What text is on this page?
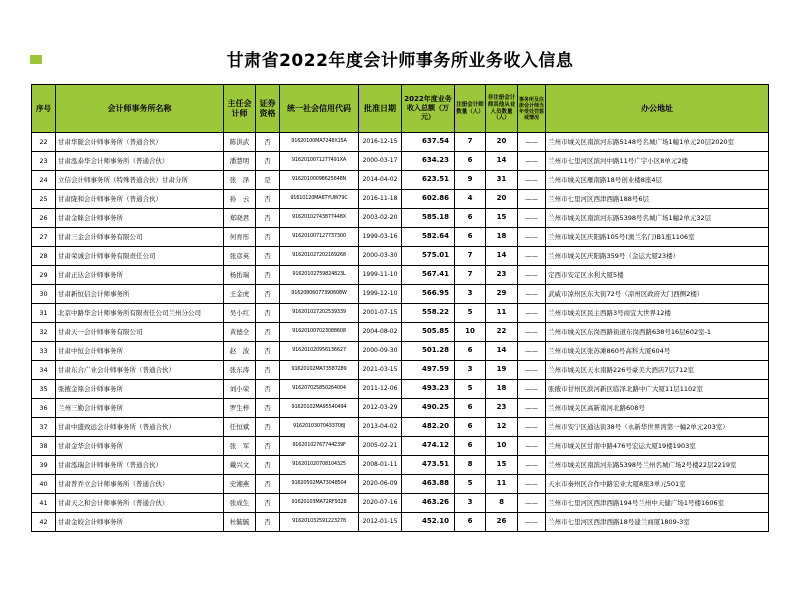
甘肃省2022年度会计师事务所业务收入信息
序号	会计师事务所名称	主任会计师	证券资格	统一社会信用代码	批准日期	2022年度业务收入总额（万元）	注册会计师数量（人）	非注册会计师其他从业人员数量（人）	事务所及注册会计师当年受处罚惩戒情况	办公地址
22	甘肃华陇会计师事务所（普通合伙）	陈洪武	否	91620100MA7248X15A	2016-12-15	637.54	7	20	——	兰州市城关区南滨河东路5148号名城广场1幢1单元20层2020室
23	甘肃泓泰华会计师事务所（普通合伙）	潘慧明	否	9162010071277491XA	2000-03-17	634.23	6	14	——	兰州市七里河区滨河中路11号广宇小区8单元2楼
24	立信会计师事务所（特殊普通合伙）甘肃分所	张　泽	是	91620100098625648N	2014-04-02	623.51	9	31	——	兰州市城关区雁南路18号创业楼8座4层
25	甘肃陇和会计师事务所（普通合伙）	孙　云	否	91610120MA6TYUW79C	2016-11-18	602.86	4	20	——	兰州市七里河区西津西路188号6层
26	甘肃金睐会计师事务所	郑晓君	否	91620102743877448X	2003-02-20	585.18	6	15	——	兰州市城关区南滨河东路5398号名城广场1幢2单元32层
27	甘肃三金会计师事务有限公司	何育彤	否	916201007127737300	1999-03-16	582.64	6	18	——	兰州市城关区庆阳路105号(澳兰名门)B1座1106室
28	甘肃荣诚会计师事务有限责任公司	张彦英	否	916201027202169268	2000-03-30	575.01	7	14	——	兰州市城关区庆阳路359号（金运大厦23楼）
29	甘肃正达会计师事务所	杨佑瑞	否	91620102759824823L	1999-11-10	567.41	7	23	——	定西市安定区水利大厦5楼
30	甘肃新恒信会计师事务所	王金虎	否	91620806077390608W	1999-12-10	566.95	3	29	——	武威市凉州区东大街72号（凉州区政府大门西侧2楼）
31	北京中路华会计师事务所有限责任公司兰州分公司	吴小红	否	916201027202539339	2001-07-15	558.22	5	11	——	兰州市城关区民主西路3号商宜大世界12楼
32	甘肃天一会计师事务有限公司	黄德全	否	916201007023088608	2004-08-02	505.85	10	22	——	兰州市城关区东岗西路街道东岗西路638号16层602室-1
33	甘肃中恒会计师事务所	赵　波	否	916201020956136627	2000-09-30	501.28	6	14	——	兰州市城关区张苏滩860号高科大厦604号
34	甘肃东合广业会计师事务所（普通合伙）	张东涛	否	91620102MA73587289	2021-03-15	497.59	3	19	——	兰州市城关区天水南路226号豪美大酒店7层712室
35	张掖金鼎会计师事务所	刘小荣	否	916207025850264004	2011-12-06	493.23	5	18	——	张掖市甘州区滨河新区临泽北路中广大厦11层1102室
36	兰州三勤会计师事务所	罗生梓	否	91620102MA95540494	2012-03-29	490.25	6	23	——	兰州市城关区高新南河北路608号
37	甘肃中盛致远会计师事务所（普通合伙）	任恒斌	否	91620103070433708J	2013-04-02	482.20	6	12	——	兰州市安宁区通达街38号（永新华世界湾第一幢2单元203室）
38	甘肃金华会计师事务所	张　军	否	91620102767744239F	2005-02-21	474.12	6	10	——	兰州市城关区甘南中路476号宏运大厦19楼1903室
39	甘肃泓瑞会计师事务所（普通合伙）	戴兴文	否	916201020708104325	2008-01-11	473.51	8	15	——	兰州市城关区南滨河东路5398号兰州名城广场2号楼22层2219室
40	甘肃普乔立会计师事务所（普通合伙）	史湘燕	否	91620502MA73048504	2020-06-09	463.88	5	11	——	天水市秦州区合作中路宏业大厦8座3单元501室
41	甘肃天之和会计师事务所（普通合伙）	张成生	否	91620103MA72RF9328	2020-07-16	463.26	3	8	——	兰州市七里河区西津西路194号兰州中天健广场1号楼1606室
42	甘肃金皎会计师事务所	杜毓毓	否	916201032591223278	2012-01-15	452.10	6	26	——	兰州市七里河区西津西路18号建兰商厦1809-3室
